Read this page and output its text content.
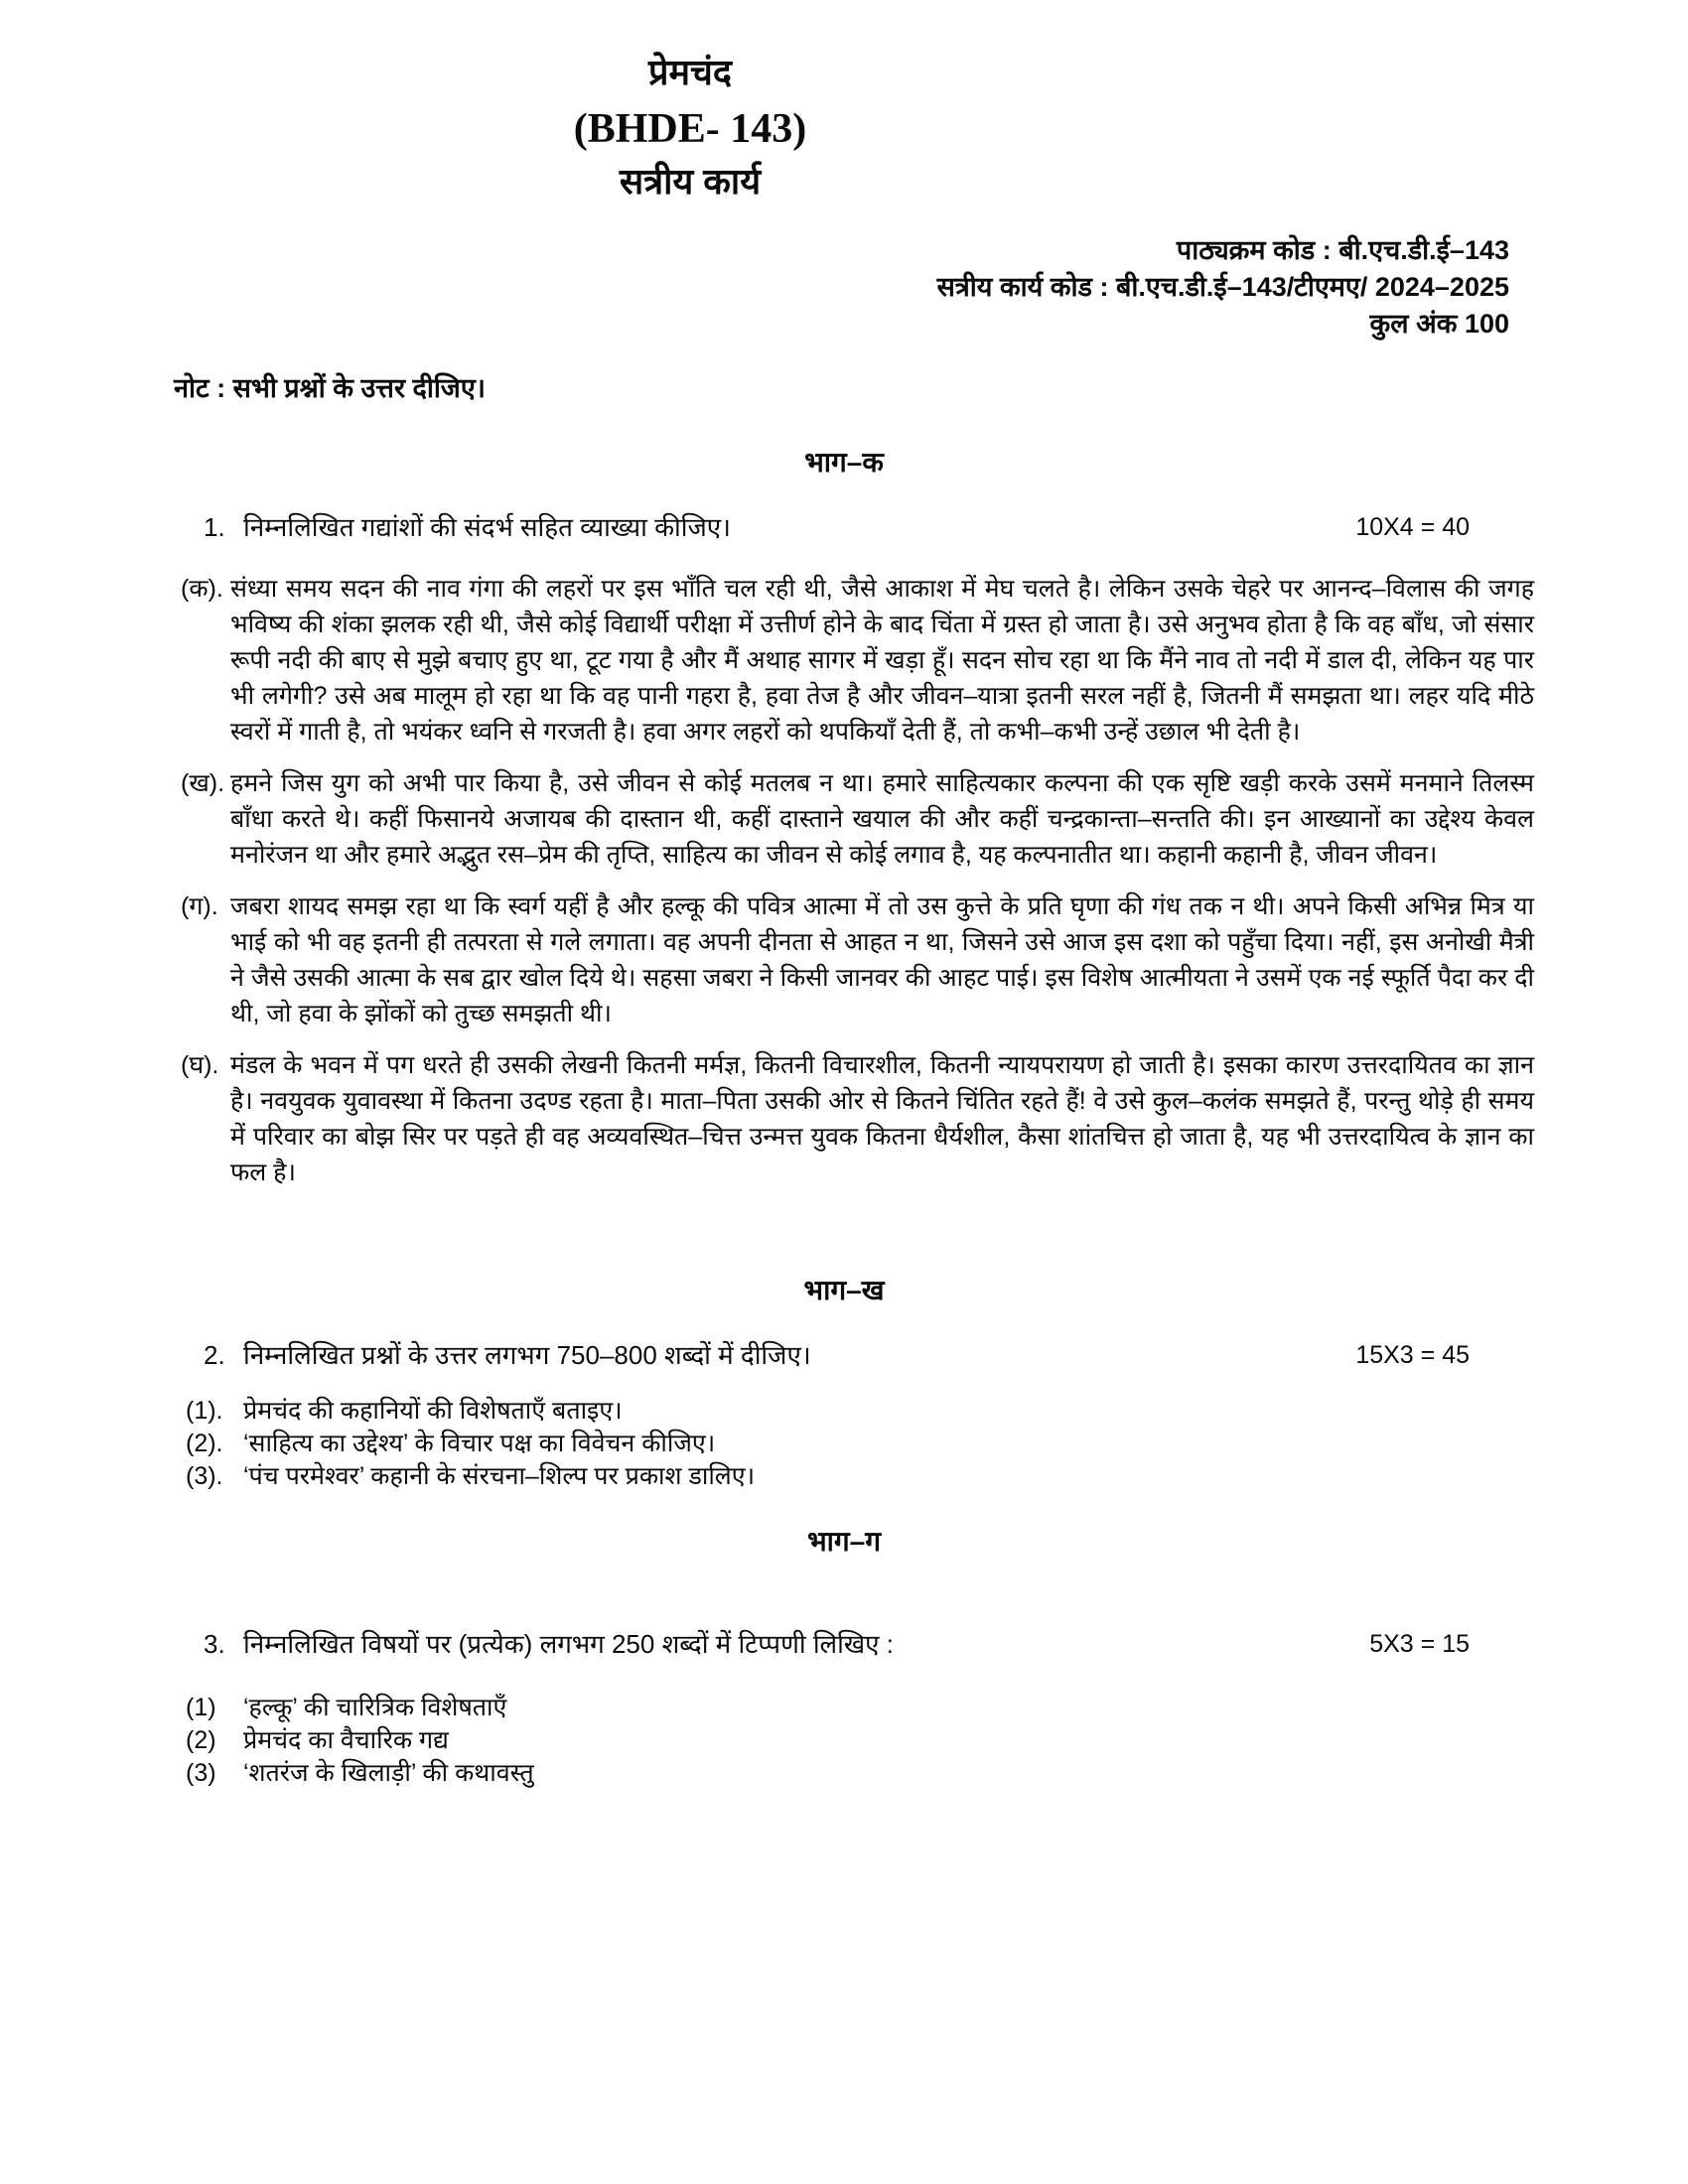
प्रेमचंद
(BHDE- 143)
सत्रीय कार्य
पाठ्यक्रम कोड : बी.एच.डी.ई–143
सत्रीय कार्य कोड : बी.एच.डी.ई–143/टीएमए/ 2024–2025
कुल अंक 100
नोट : सभी प्रश्नों के उत्तर दीजिए।
भाग–क
1. निम्नलिखित गद्यांशों की संदर्भ सहित व्याख्या कीजिए।	10X4 = 40
(क). संध्या समय सदन की नाव गंगा की लहरों पर इस भाँति चल रही थी, जैसे आकाश में मेघ चलते है। लेकिन उसके चेहरे पर आनन्द–विलास की जगह भविष्य की शंका झलक रही थी, जैसे कोई विद्यार्थी परीक्षा में उत्तीर्ण होने के बाद चिंता में ग्रस्त हो जाता है। उसे अनुभव होता है कि वह बाँध, जो संसार रूपी नदी की बाए से मुझे बचाए हुए था, टूट गया है और मैं अथाह सागर में खड़ा हूँ। सदन सोच रहा था कि मैंने नाव तो नदी में डाल दी, लेकिन यह पार भी लगेगी? उसे अब मालूम हो रहा था कि वह पानी गहरा है, हवा तेज है और जीवन–यात्रा इतनी सरल नहीं है, जितनी मैं समझता था। लहर यदि मीठे स्वरों में गाती है, तो भयंकर ध्वनि से गरजती है। हवा अगर लहरों को थपकियाँ देती हैं, तो कभी–कभी उन्हें उछाल भी देती है।
(ख). हमने जिस युग को अभी पार किया है, उसे जीवन से कोई मतलब न था। हमारे साहित्यकार कल्पना की एक सृष्टि खड़ी करके उसमें मनमाने तिलस्म बाँधा करते थे। कहीं फिसानये अजायब की दास्तान थी, कहीं दास्ताने खयाल की और कहीं चन्द्रकान्ता–सन्तति की। इन आख्यानों का उद्देश्य केवल मनोरंजन था और हमारे अद्भुत रस–प्रेम की तृप्ति, साहित्य का जीवन से कोई लगाव है, यह कल्पनातीत था। कहानी कहानी है, जीवन जीवन।
(ग). जबरा शायद समझ रहा था कि स्वर्ग यहीं है और हल्कू की पवित्र आत्मा में तो उस कुत्ते के प्रति घृणा की गंध तक न थी। अपने किसी अभिन्न मित्र या भाई को भी वह इतनी ही तत्परता से गले लगाता। वह अपनी दीनता से आहत न था, जिसने उसे आज इस दशा को पहुँचा दिया। नहीं, इस अनोखी मैत्री ने जैसे उसकी आत्मा के सब द्वार खोल दिये थे। सहसा जबरा ने किसी जानवर की आहट पाई। इस विशेष आत्मीयता ने उसमें एक नई स्फूर्ति पैदा कर दी थी, जो हवा के झोंकों को तुच्छ समझती थी।
(घ). मंडल के भवन में पग धरते ही उसकी लेखनी कितनी मर्मज्ञ, कितनी विचारशील, कितनी न्यायपरायण हो जाती है। इसका कारण उत्तरदायितव का ज्ञान है। नवयुवक युवावस्था में कितना उदण्ड रहता है। माता–पिता उसकी ओर से कितने चिंतित रहते हैं! वे उसे कुल–कलंक समझते हैं, परन्तु थोड़े ही समय में परिवार का बोझ सिर पर पड़ते ही वह अव्यवस्थित–चित्त उन्मत्त युवक कितना धैर्यशील, कैसा शांतचित्त हो जाता है, यह भी उत्तरदायित्व के ज्ञान का फल है।
भाग–ख
2. निम्नलिखित प्रश्नों के उत्तर लगभग 750–800 शब्दों में दीजिए।	15X3 = 45
(1). प्रेमचंद की कहानियों की विशेषताएँ बताइए।
(2). ‘साहित्य का उद्देश्य’ के विचार पक्ष का विवेचन कीजिए।
(3). ‘पंच परमेश्वर’ कहानी के संरचना–शिल्प पर प्रकाश डालिए।
भाग–ग
3. निम्नलिखित विषयों पर (प्रत्येक) लगभग 250 शब्दों में टिप्पणी लिखिए :	5X3 = 15
(1)	‘हल्कू’ की चारित्रिक विशेषताएँ
(2)	प्रेमचंद का वैचारिक गद्य
(3)	‘शतरंज के खिलाड़ी’ की कथावस्तु
